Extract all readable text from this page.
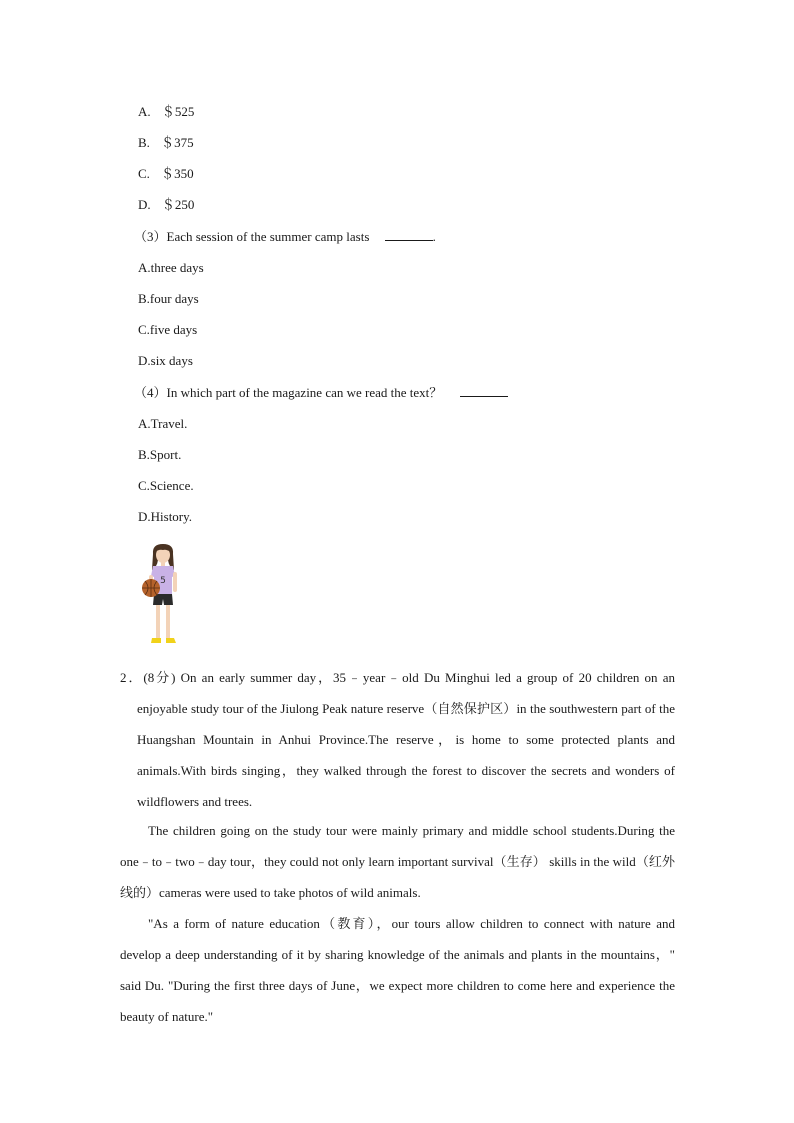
A. ＄525
B. ＄375
C. ＄350
D. ＄250
（3）Each session of the summer camp lasts	.
A.three days
B.four days
C.five days
D.six days
（4）In which part of the magazine can we read the text？
A.Travel.
B.Sport.
C.Science.
D.History.
5
2．(8分) On an early summer day，35﹣year﹣old Du Minghui led a group of 20 children on an enjoyable study tour of the Jiulong Peak nature reserve（自然保护区）in the southwestern part of the Huangshan Mountain in Anhui Province.The reserve，is home to some protected plants and animals.With birds singing，they walked through the forest to discover the secrets and wonders of wildflowers and trees.
The children going on the study tour were mainly primary and middle school students.During the one﹣to﹣two﹣day tour，they could not only learn important survival（生存） skills in the wild（红外线的）cameras were used to take photos of wild animals.
"As a form of nature education（教育），our tours allow children to connect with nature and develop a deep understanding of it by sharing knowledge of the animals and plants in the mountains，" said Du. "During the first three days of June，we expect more children to come here and experience the beauty of nature."
